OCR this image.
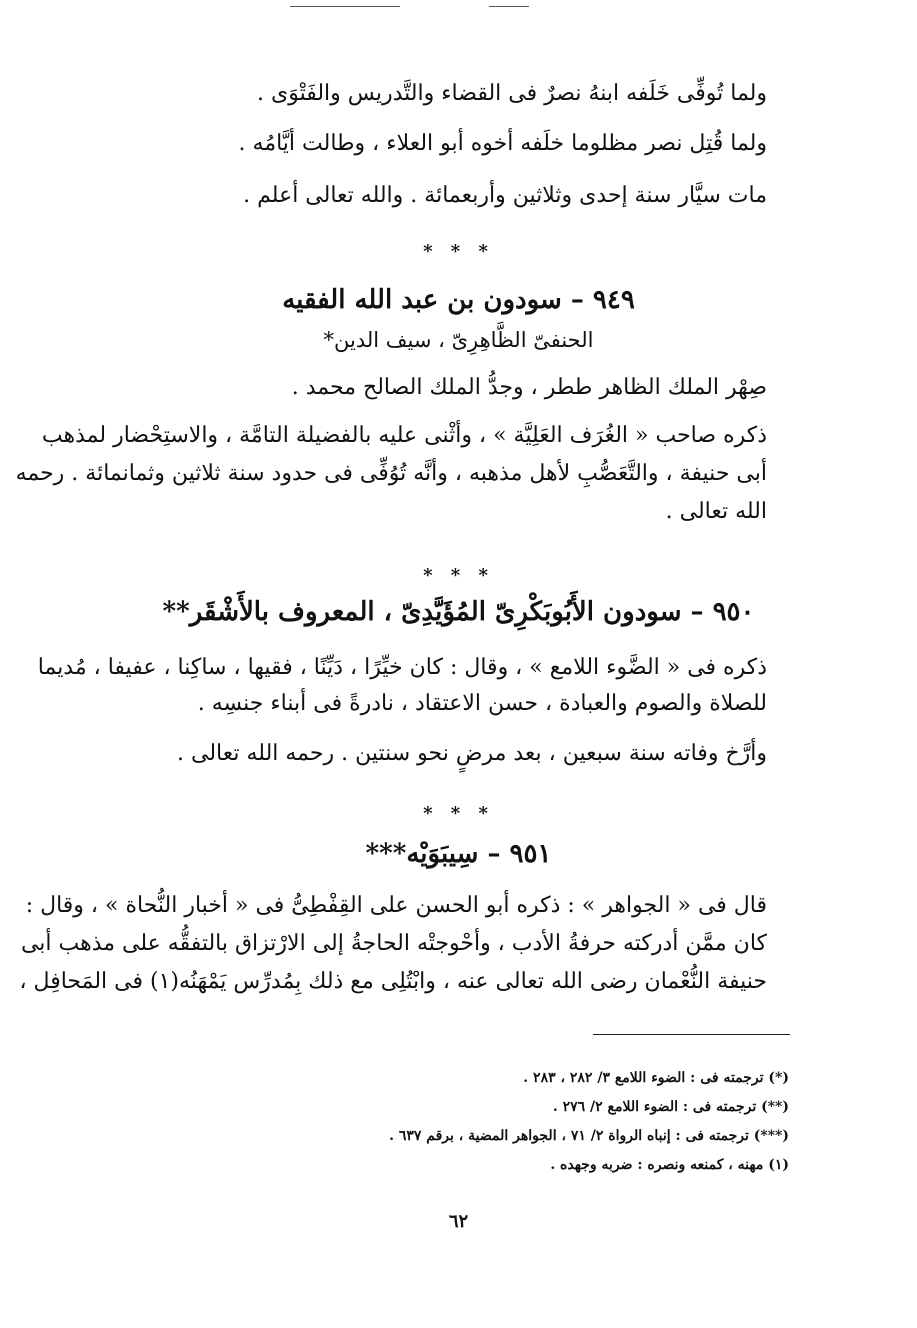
ولما تُوفِّى خَلَفه ابنهُ نصرٌ فى القضاء والتَّدريس والفَتْوَى .

ولما قُتِل نصر مظلوما خلَفه أخوه أبو العلاء ، وطالت أيَّامُه .

مات سيَّار سنة إحدى وثلاثين وأربعمائة . والله تعالى أعلم .

* * *

٩٤٩ – سودون بن عبد الله الفقيه

الحنفىّ الظَّاهِرِىّ ، سيف الدين*

صِهْر الملك الظاهر ططر ، وجدُّ الملك الصالح محمد .

ذكره صاحب « الغُرَف العَلِيَّة » ، وأثْنى عليه بالفضيلة التامَّة ، والاستِحْضار لمذهب

أبى حنيفة ، والتَّعَصُّبِ لأهل مذهبه ، وأنَّه تُوُفِّى فى حدود سنة ثلاثين وثمانمائة . رحمه

الله تعالى .

* * *

٩٥٠ – سودون الأَبُوبَكْرِىّ المُؤَيَّدِىّ ، المعروف بالأَشْقَر**

ذكره فى « الضَّوء اللامع » ، وقال : كان خيِّرًا ، دَيِّنًا ، فقيها ، ساكِنا ، عفيفا ، مُديما

للصلاة والصوم والعبادة ، حسن الاعتقاد ، نادرةً فى أبناء جنسِه .

وأرَّخ وفاته سنة سبعين ، بعد مرضٍ نحو سنتين . رحمه الله تعالى .

* * *

٩٥١ – سِيبَوَيْه***

قال فى « الجواهر » : ذكره أبو الحسن على القِفْطِىُّ فى « أخبار النُّحاة » ، وقال :

كان ممَّن أدركته حرفةُ الأدب ، وأحْوجتْه الحاجةُ إلى الارْتزاق بالتفقُّه على مذهب أبى

حنيفة النُّعْمان رضى الله تعالى عنه ، وابْتُلِى مع ذلك بِمُدرِّس يَمْهَنُه(١) فى المَحافِل ،

(*) ترجمته فى : الضوء اللامع ٣/ ٢٨٢ ، ٢٨٣ .

(**) ترجمته فى : الضوء اللامع ٢/ ٢٧٦ .

(***) ترجمته فى : إنباه الرواة ٢/ ٧١ ، الجواهر المضية ، برقم ٦٣٧ .

(١) مهنه ، كمنعه ونصره : ضربه وجهده .

٦٢
